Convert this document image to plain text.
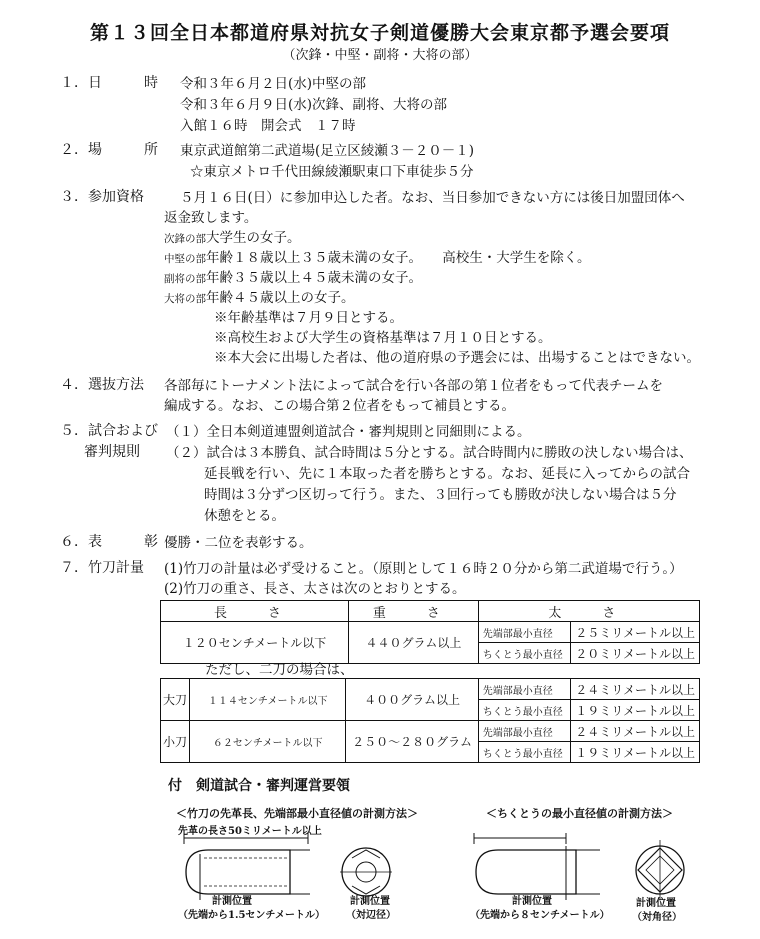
第１３回全日本都道府県対抗女子剣道優勝大会東京都予選会要項
（次鋒・中堅・副将・大将の部）
１．日　　　時 令和３年６月２日(水)中堅の部
令和３年６月９日(水)次鋒、副将、大将の部
入館１６時　開会式　１７時
２．場　　　所 東京武道館第二武道場(足立区綾瀬３－２０－１)
☆東京メトロ千代田線綾瀬駅東口下車徒歩５分
３．参加資格	５月１６日(日）に参加申込した者。なお、当日参加できない方には後日加盟団体へ
返金致します。
次鋒の部大学生の女子。
中堅の部年齢１８歳以上３５歳未満の女子。　　高校生・大学生を除く。
副将の部年齢３５歳以上４５歳未満の女子。
大将の部年齢４５歳以上の女子。
※年齢基準は７月９日とする。
※高校生および大学生の資格基準は７月１０日とする。
※本大会に出場した者は、他の道府県の予選会には、出場することはできない。
４．選抜方法 各部毎にトーナメント法によって試合を行い各部の第１位者をもって代表チームを
編成する。なお、この場合第２位者をもって補員とする。
５．試合および
審判規則
（１）全日本剣道連盟剣道試合・審判規則と同細則による。
（２）試合は３本勝負、試合時間は５分とする。試合時間内に勝敗の決しない場合は、
延長戦を行い、先に１本取った者を勝ちとする。なお、延長に入ってからの試合
時間は３分ずつ区切って行う。また、３回行っても勝敗が決しない場合は５分
休憩をとる。
６．表　　　彰 優勝・二位を表彰する。
７．竹刀計量 (1)竹刀の計量は必ず受けること。（原則として１６時２０分から第二武道場で行う。）
(2)竹刀の重さ、長さ、太さは次のとおりとする。
長　さ	重　さ	太　さ	
１２０センチメートル以下	４４０グラム以上	先端部最小直径	２５ミリメートル以上
		ちくとう最小直径	２０ミリメートル以上
ただし、二刀の場合は、
大刀	１１４センチメートル以下	４００グラム以上	先端部最小直径	２４ミリメートル以上
			ちくとう最小直径	１９ミリメートル以上
小刀	６２センチメートル以下	２５０～２８０グラム	先端部最小直径	２４ミリメートル以上
			ちくとう最小直径	１９ミリメートル以上
付　剣道試合・審判運営要領
＜竹刀の先革長、先端部最小直径値の計測方法＞	＜ちくとうの最小直径値の計測方法＞
先革の長さ50ミリメートル以上
計測位置
（先端から1.5センチメートル）
計測位置
（対辺径）
計測位置
（先端から８センチメートル）
計測位置
（対角径）
